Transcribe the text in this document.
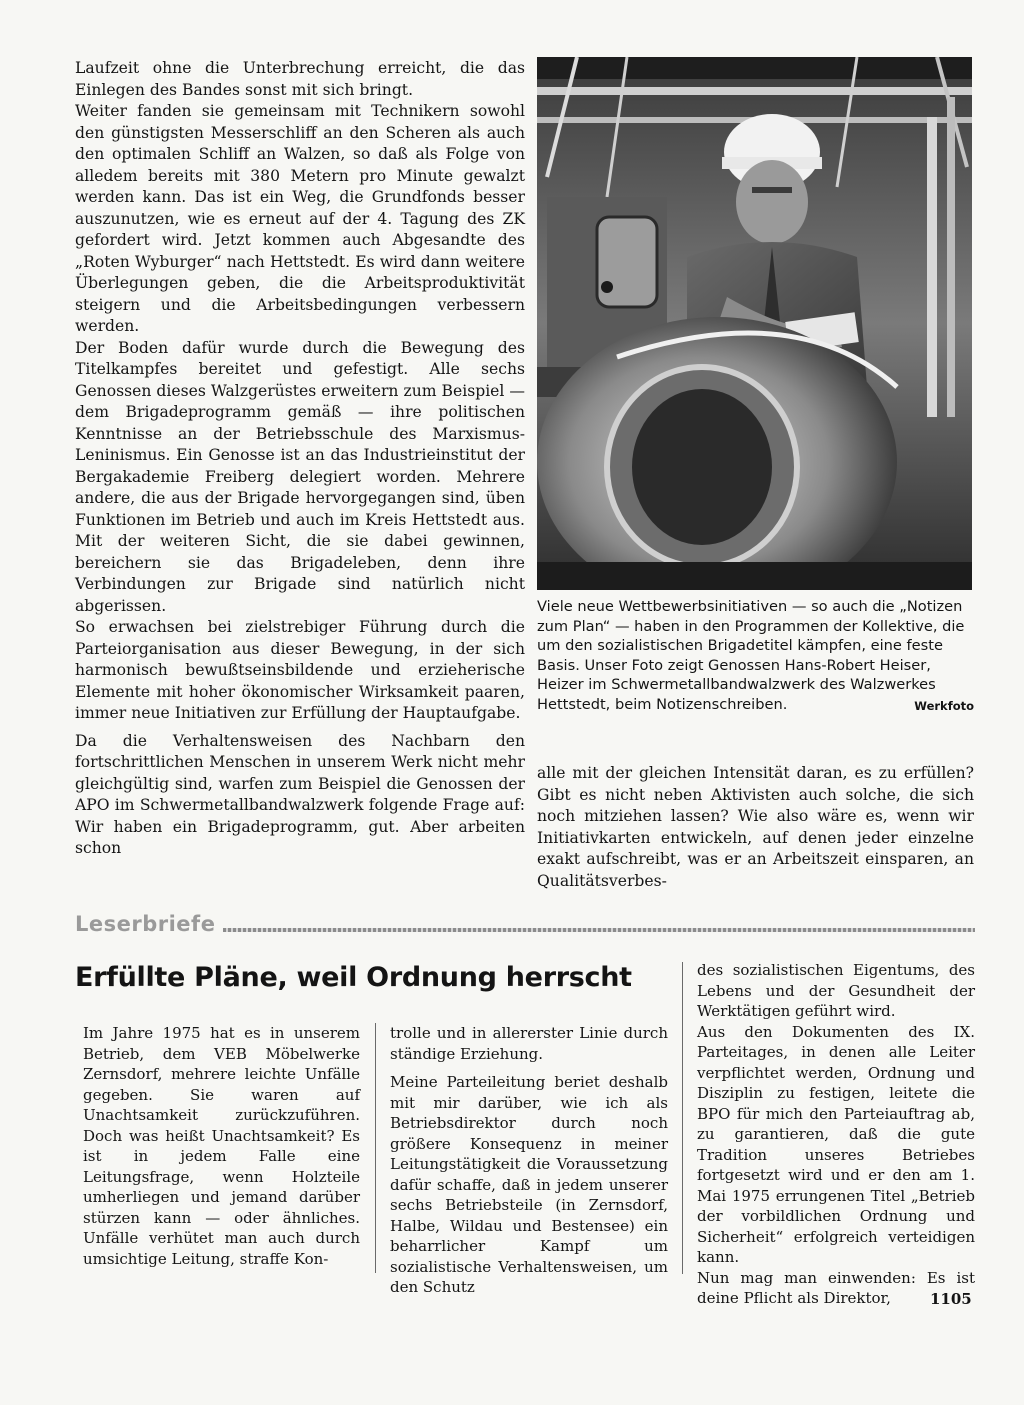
Laufzeit ohne die Unterbrechung erreicht, die das Einlegen des Bandes sonst mit sich bringt.

Weiter fanden sie gemeinsam mit Technikern sowohl den günstigsten Messerschliff an den Scheren als auch den optimalen Schliff an Walzen, so daß als Folge von alledem bereits mit 380 Metern pro Minute gewalzt werden kann. Das ist ein Weg, die Grundfonds besser auszunutzen, wie es erneut auf der 4. Tagung des ZK gefordert wird. Jetzt kommen auch Abgesandte des „Roten Wyburger“ nach Hettstedt. Es wird dann weitere Überlegungen geben, die die Arbeitsproduktivität steigern und die Arbeitsbedingungen verbessern werden.

Der Boden dafür wurde durch die Bewegung des Titelkampfes bereitet und gefestigt. Alle sechs Genossen dieses Walzgerüstes erweitern zum Beispiel — dem Brigadeprogramm gemäß — ihre politischen Kenntnisse an der Betriebsschule des Marxismus-Leninismus. Ein Genosse ist an das Industrieinstitut der Bergakademie Freiberg delegiert worden. Mehrere andere, die aus der Brigade hervorgegangen sind, üben Funktionen im Betrieb und auch im Kreis Hettstedt aus. Mit der weiteren Sicht, die sie dabei gewinnen, bereichern sie das Brigadeleben, denn ihre Verbindungen zur Brigade sind natürlich nicht abgerissen.

So erwachsen bei zielstrebiger Führung durch die Parteiorganisation aus dieser Bewegung, in der sich harmonisch bewußtseinsbildende und erzieherische Elemente mit hoher ökonomischer Wirksamkeit paaren, immer neue Initiativen zur Erfüllung der Hauptaufgabe.

Da die Verhaltensweisen des Nachbarn den fortschrittlichen Menschen in unserem Werk nicht mehr gleichgültig sind, warfen zum Beispiel die Genossen der APO im Schwermetallbandwalzwerk folgende Frage auf: Wir haben ein Brigadeprogramm, gut. Aber arbeiten schon

Viele neue Wettbewerbsinitiativen — so auch die „Notizen zum Plan“ — haben in den Programmen der Kollektive, die um den sozialistischen Brigadetitel kämpfen, eine feste Basis. Unser Foto zeigt Genossen Hans-Robert Heiser, Heizer im Schwermetallbandwalzwerk des Walzwerkes Hettstedt, beim Notizenschreiben.	Werkfoto

alle mit der gleichen Intensität daran, es zu erfüllen? Gibt es nicht neben Aktivisten auch solche, die sich noch mitziehen lassen? Wie also wäre es, wenn wir Initiativkarten entwickeln, auf denen jeder einzelne exakt aufschreibt, was er an Arbeitszeit einsparen, an Qualitätsverbes-

Leserbriefe
Erfüllte Pläne, weil Ordnung herrscht

Im Jahre 1975 hat es in unserem Betrieb, dem VEB Möbelwerke Zernsdorf, mehrere leichte Unfälle gegeben. Sie waren auf Unachtsamkeit zurückzuführen. Doch was heißt Unachtsamkeit? Es ist in jedem Falle eine Leitungsfrage, wenn Holzteile umherliegen und jemand darüber stürzen kann — oder ähnliches. Unfälle verhütet man auch durch umsichtige Leitung, straffe Kon-

trolle und in allererster Linie durch ständige Erziehung.

Meine Parteileitung beriet deshalb mit mir darüber, wie ich als Betriebsdirektor durch noch größere Konsequenz in meiner Leitungstätigkeit die Voraussetzung dafür schaffe, daß in jedem unserer sechs Betriebsteile (in Zernsdorf, Halbe, Wildau und Bestensee) ein beharrlicher Kampf um sozialistische Verhaltensweisen, um den Schutz

des sozialistischen Eigentums, des Lebens und der Gesundheit der Werktätigen geführt wird.

Aus den Dokumenten des IX. Parteitages, in denen alle Leiter verpflichtet werden, Ordnung und Disziplin zu festigen, leitete die BPO für mich den Parteiauftrag ab, zu garantieren, daß die gute Tradition unseres Betriebes fortgesetzt wird und er den am 1. Mai 1975 errungenen Titel „Betrieb der vorbildlichen Ordnung und Sicherheit“ erfolgreich verteidigen kann.

Nun mag man einwenden: Es ist deine Pflicht als Direktor,	1105
